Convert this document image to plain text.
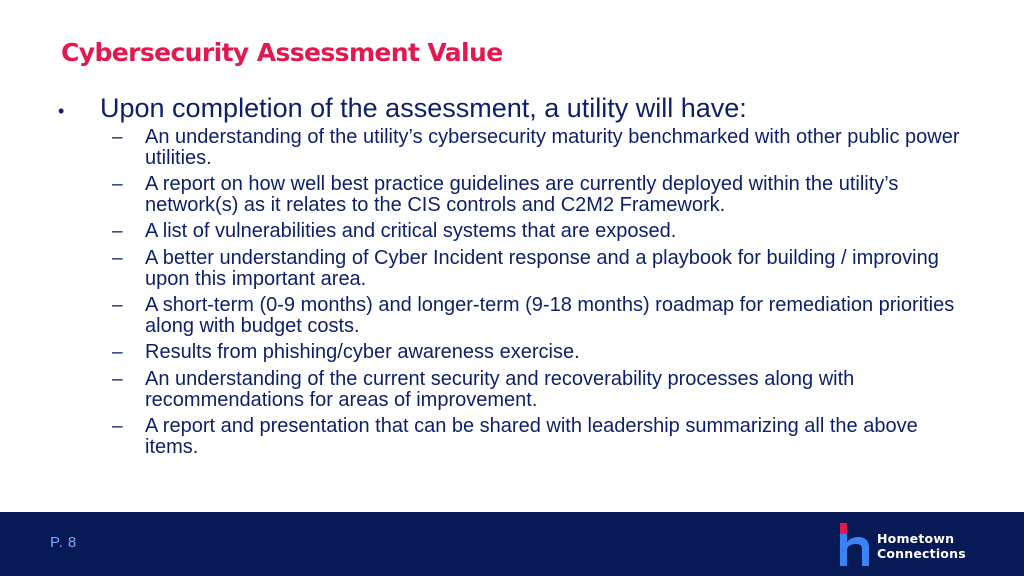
Cybersecurity Assessment Value
•	Upon completion of the assessment, a utility will have:
–	An understanding of the utility’s cybersecurity maturity benchmarked with other public power utilities.
–	A report on how well best practice guidelines are currently deployed within the utility’s network(s) as it relates to the CIS controls and C2M2 Framework.
–	A list of vulnerabilities and critical systems that are exposed.
–	A better understanding of Cyber Incident response and a playbook for building / improving upon this important area.
–	A short-term (0-9 months) and longer-term (9-18 months) roadmap for remediation priorities along with budget costs.
–	Results from phishing/cyber awareness exercise.
–	An understanding of the current security and recoverability processes along with recommendations for areas of improvement.
–	A report and presentation that can be shared with leadership summarizing all the above items.
P. 8	Hometown
Connections
